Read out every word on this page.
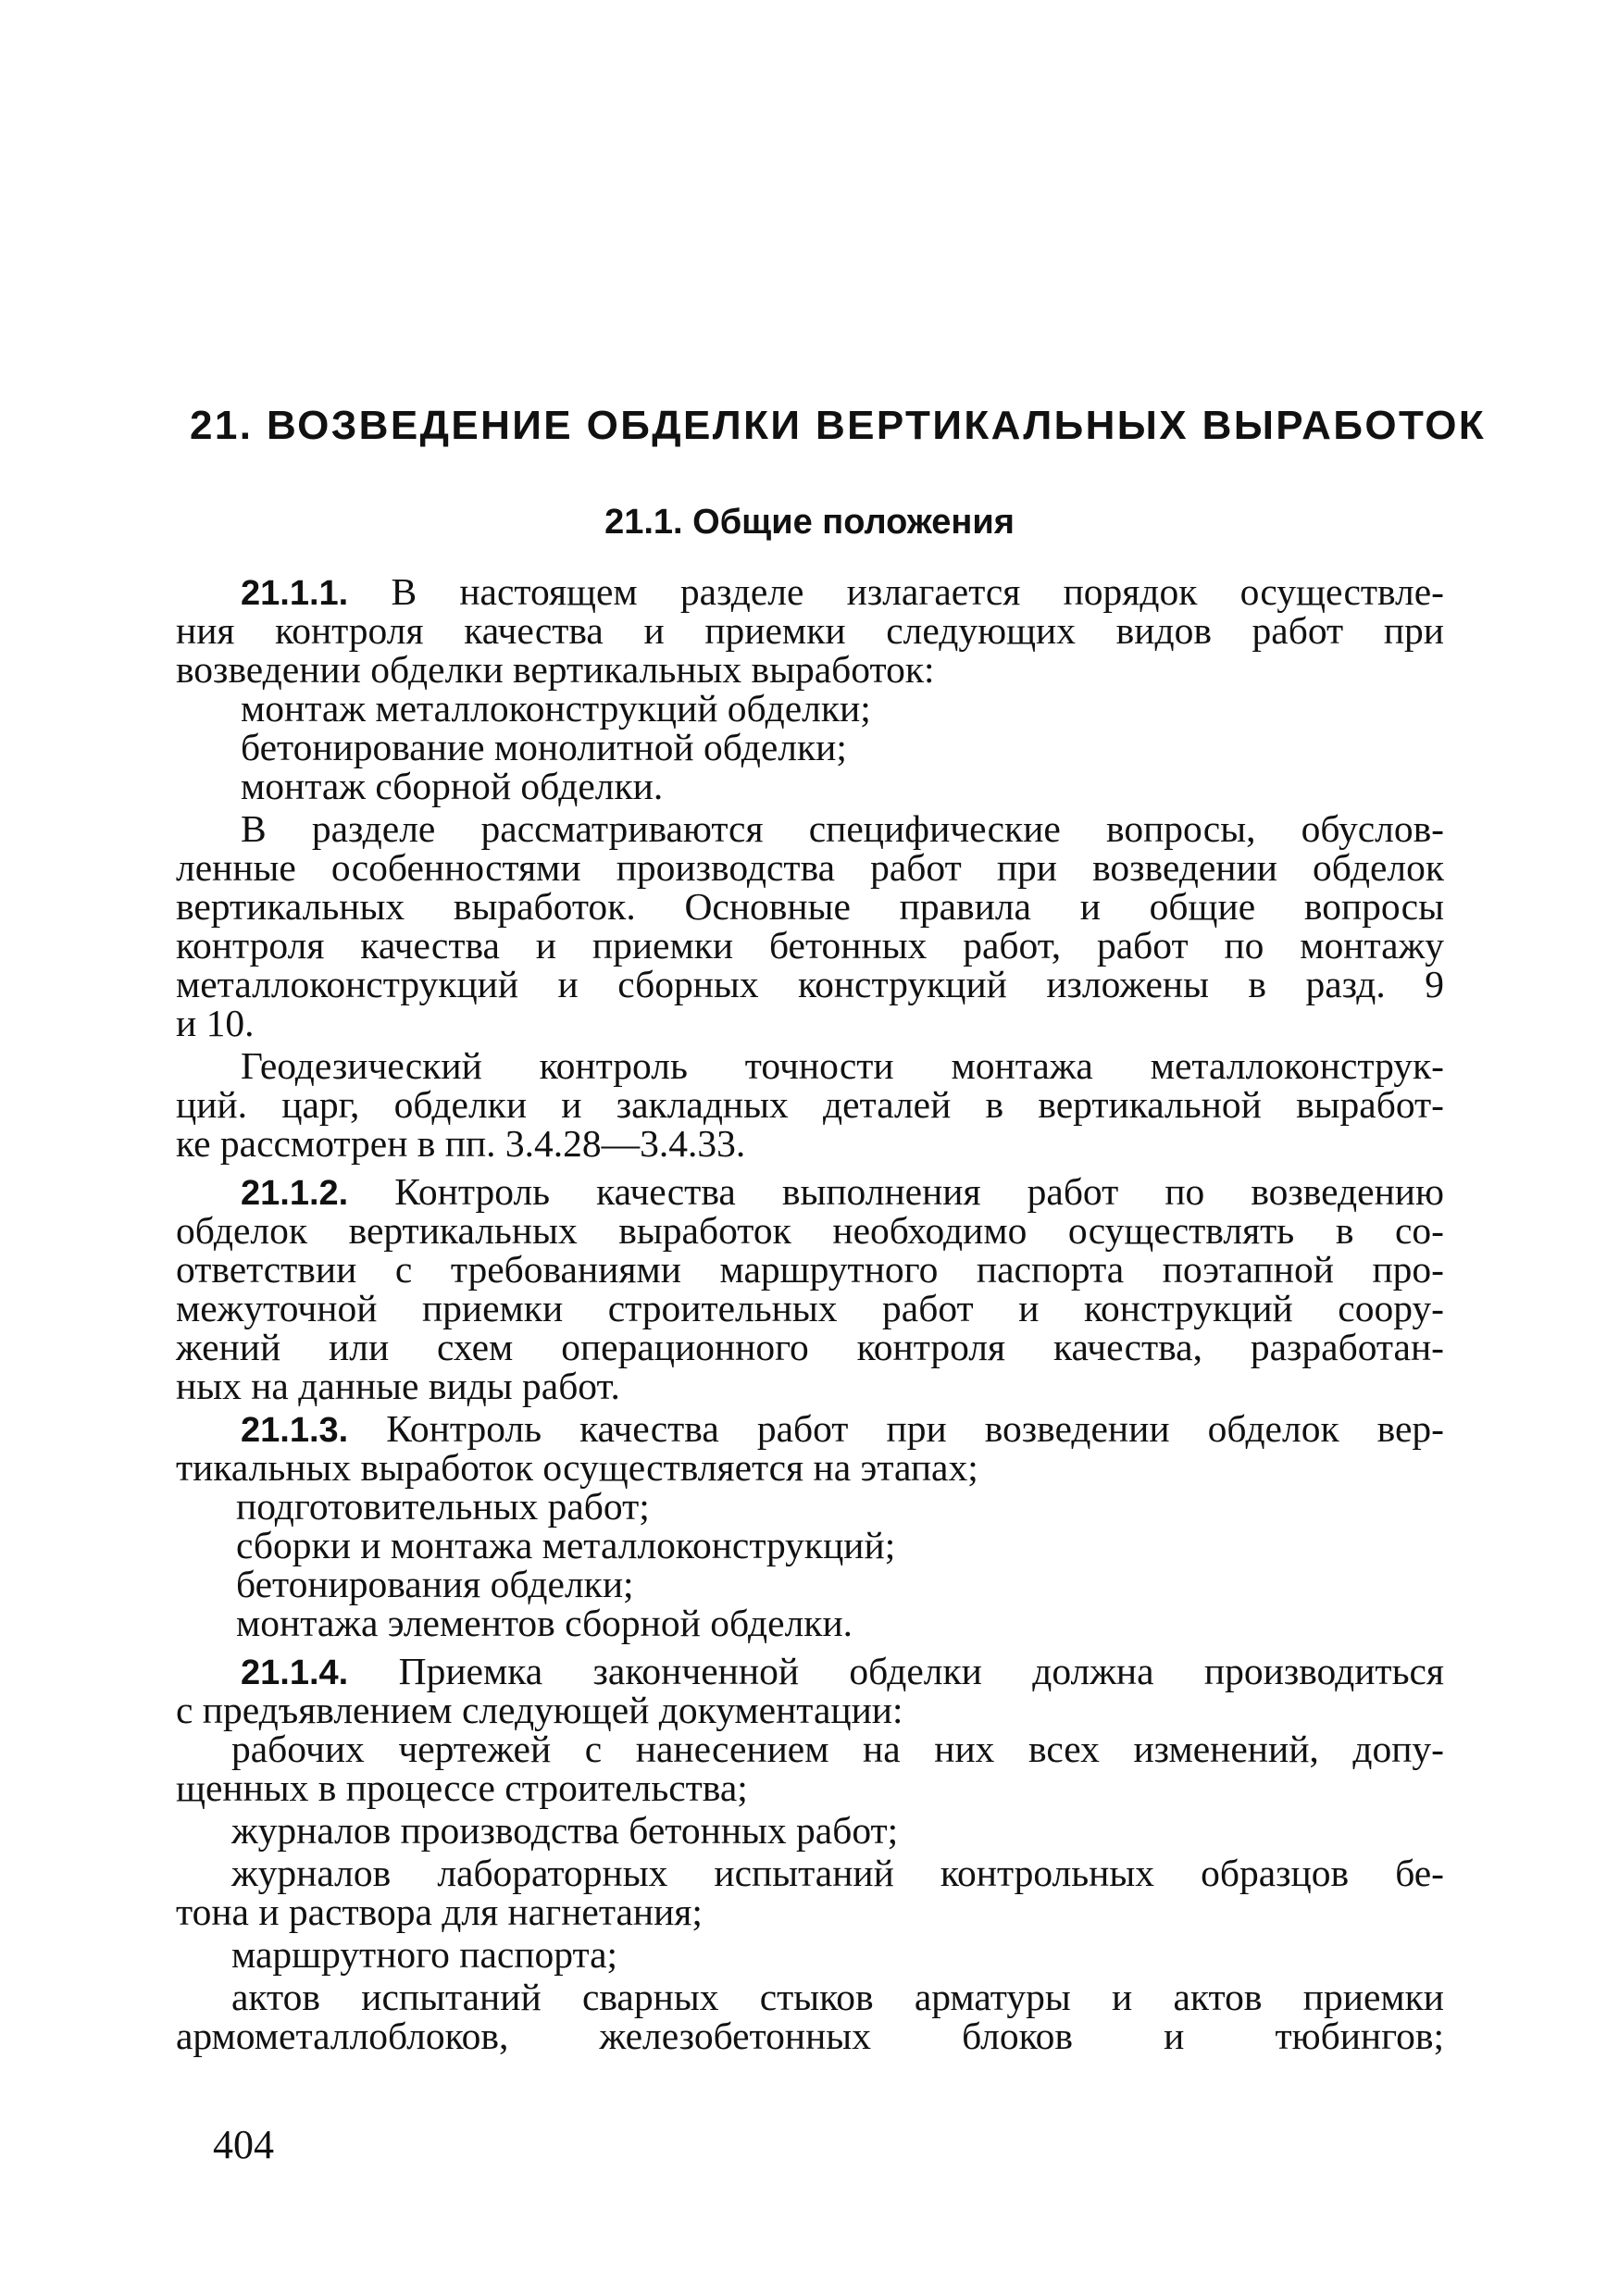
21. ВОЗВЕДЕНИЕ ОБДЕЛКИ ВЕРТИКАЛЬНЫХ ВЫРАБОТОК
21.1. Общие положения
21.1.1. В настоящем разделе излагается порядок осуществле-
ния контроля качества и приемки следующих видов работ при
возведении обделки вертикальных выработок:
монтаж металлоконструкций обделки;
бетонирование монолитной обделки;
монтаж сборной обделки.
В разделе рассматриваются специфические вопросы, обуслов-
ленные особенностями производства работ при возведении обделок
вертикальных выработок. Основные правила и общие вопросы
контроля качества и приемки бетонных работ, работ по монтажу
металлоконструкций и сборных конструкций изложены в разд. 9
и 10.
Геодезический контроль точности монтажа металлоконструк-
ций. царг, обделки и закладных деталей в вертикальной выработ-
ке рассмотрен в пп. 3.4.28—3.4.33.
21.1.2. Контроль качества выполнения работ по возведению
обделок вертикальных выработок необходимо осуществлять в со-
ответствии с требованиями маршрутного паспорта поэтапной про-
межуточной приемки строительных работ и конструкций соору-
жений или схем операционного контроля качества, разработан-
ных на данные виды работ.
21.1.3. Контроль качества работ при возведении обделок вер-
тикальных выработок осуществляется на этапах;
подготовительных работ;
сборки и монтажа металлоконструкций;
бетонирования обделки;
монтажа элементов сборной обделки.
21.1.4. Приемка законченной обделки должна производиться
с предъявлением следующей документации:
рабочих чертежей с нанесением на них всех изменений, допу-
щенных в процессе строительства;
журналов производства бетонных работ;
журналов лабораторных испытаний контрольных образцов бе-
тона и раствора для нагнетания;
маршрутного паспорта;
актов испытаний сварных стыков арматуры и актов приемки
армометаллоблоков, железобетонных блоков и тюбингов;
404
